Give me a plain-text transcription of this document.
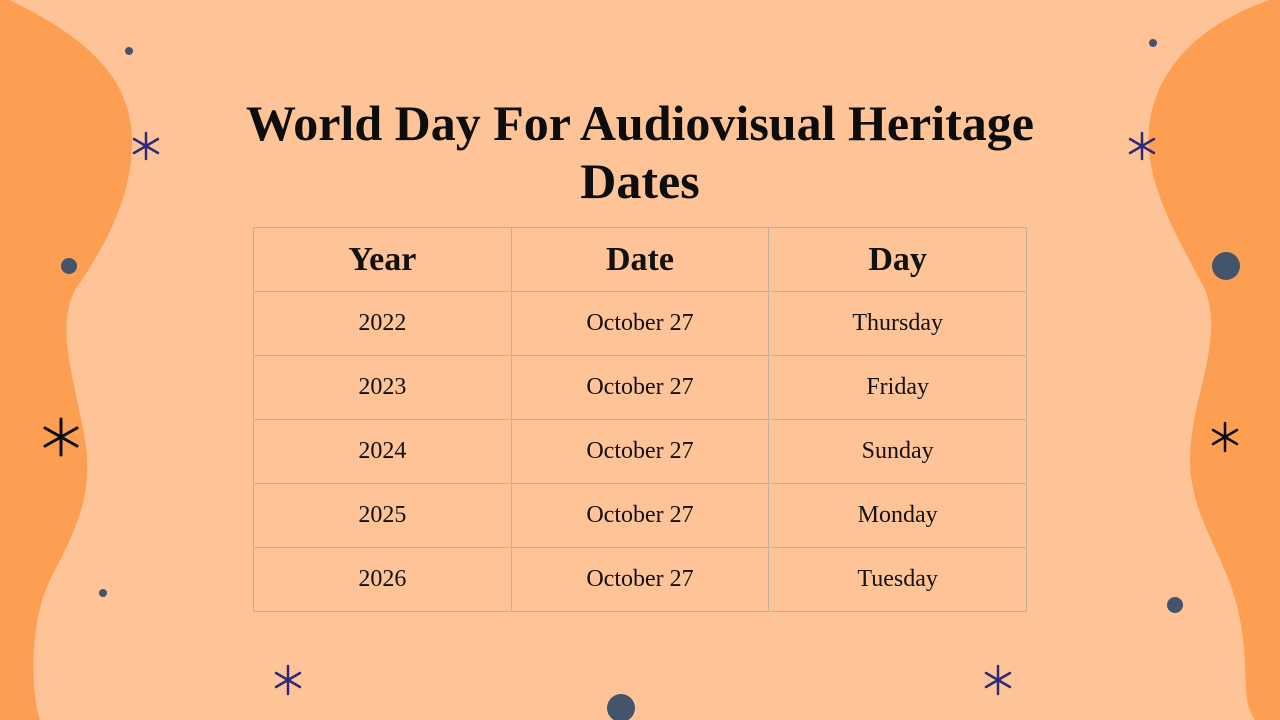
World Day For Audiovisual Heritage Dates
Year	Date	Day
2022	October 27	Thursday
2023	October 27	Friday
2024	October 27	Sunday
2025	October 27	Monday
2026	October 27	Tuesday
